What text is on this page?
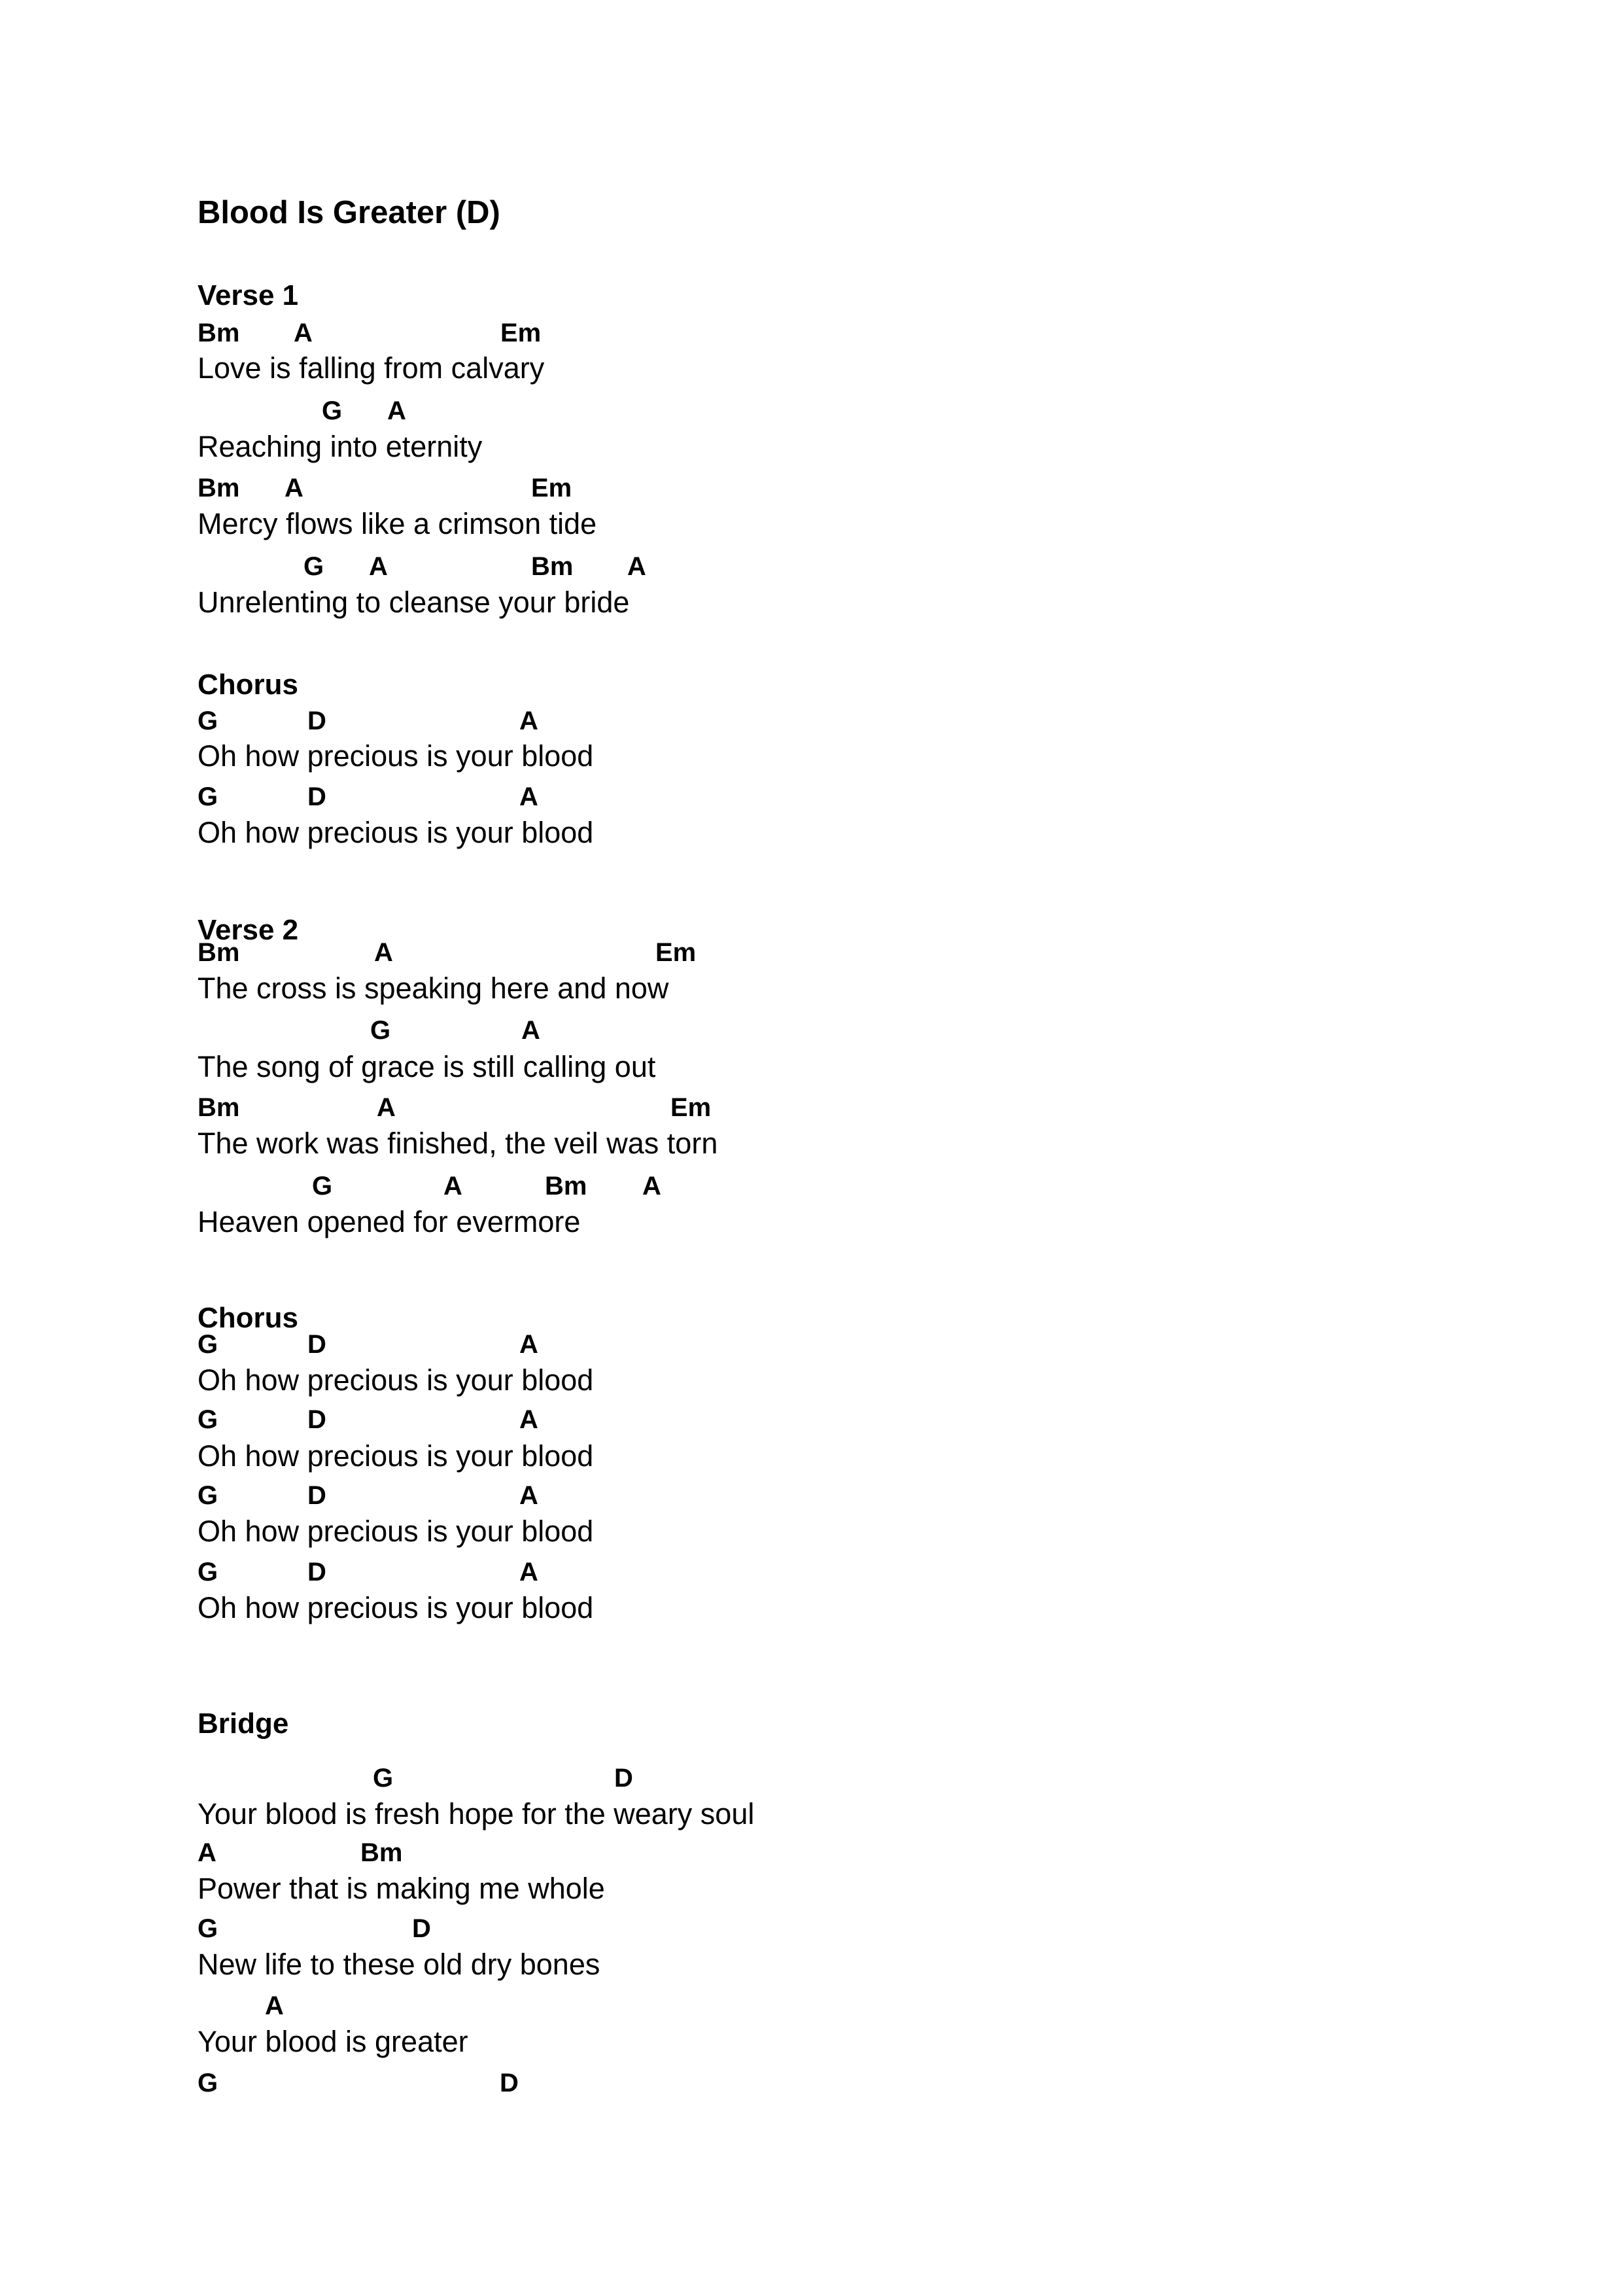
Blood Is Greater (D)
Verse 1
Bm A	Em
Love is falling from calvary
G A
Reaching into eternity
Bm A	Em
Mercy flows like a crimson tide
G A	Bm A
Unrelenting to cleanse your bride
Chorus
G	D	A
Oh how precious is your blood
G	D	A
Oh how precious is your blood
Verse 2
Bm	A	Em
The cross is speaking here and now
G	A
The song of grace is still calling out
Bm	A	Em
The work was finished, the veil was torn
G	A	Bm A
Heaven opened for evermore
Chorus
G	D	A
Oh how precious is your blood
G	D	A
Oh how precious is your blood
G	D	A
Oh how precious is your blood
G	D	A
Oh how precious is your blood
Bridge
G	D
Your blood is fresh hope for the weary soul
A	Bm
Power that is making me whole
G	D
New life to these old dry bones
A
Your blood is greater
G	D
